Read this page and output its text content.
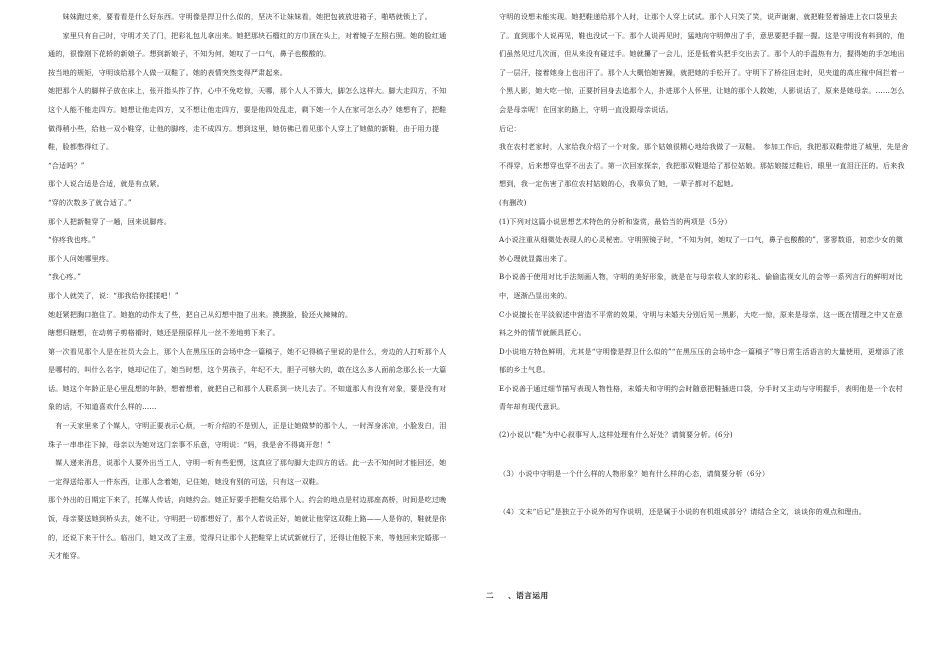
　　妹妹跑过来，要看看是什么好东西。守明像是捍卫什么似的，坚决不让妹妹看，她把包被放进箱子，啪嗒就锁上了。

　　家里只有自己时，守明才关了门，把彩礼包儿拿出来。她把那块石榴红的方巾顶在头上，对着镜子左照右照。她的脸红通通的，很像刚下花轿的新娘子。想到新娘子，不知为何，她叹了一口气，鼻子也酸酸的。

按当地的规矩，守明该给那个人做一双鞋了。她的表情突然变得严肃起来。

她把那个人的脚样子放在床上，张开指头拃了拃，心中不免吃惊，天哪，那个人人不算大，脚怎么这样大。脚大走四方，不知这个人能不能走四方。她想让他走四方，又不想让他走四方，要是他四处乱走，剩下她一个人在家可怎么办？她想有了，把鞋做得稍小些，给他一双小鞋穿，让他的脚疼，走不成四方。想到这里，她仿佛已看见那个人穿上了她做的新鞋，由于用力提鞋，脸都憋得红了。

“合适吗？”

那个人说合适是合适，就是有点紧。

“穿的次数多了就合适了。”

那个人把新鞋穿了一趟，回来说脚疼。

“你疼我也疼。”

那个人问她哪里疼。

“我心疼。”

那个人就笑了，说：“那我给你揉揉吧！”

她赶紧把胸口抱住了。她抱的动作太了些，把自己从幻想中抱了出来。摸摸脸，脸还火辣辣的。

瞎想归瞎想，在动剪子剪格褙时，她还是照原样儿一丝不差地剪下来了。

第一次看见那个人是在社员大会上，那个人在黑压压的会场中念一篇稿子，她不记得稿子里说的是什么，旁边的人打听那个人是哪村的，叫什么名字，她却记住了，她当时想，这个男孩子，年纪不大，胆子可够大的，敢在这么多人面前念那么长一大篇话。她这个年龄正是心里乱想的年龄，想着想着，就把自己和那个人联系到一块儿去了。不知道那人有没有对象，要是没有对象的话，不知道喜欢什么样的……

　有一天家里来了个媒人，守明正要表示心烦，一听介绍的不是别人，正是让她做梦的那个人，一时浑身冻凉，小脸发白，泪珠子一串串往下掉，母亲以为她对这门亲事不乐意，守明说：“妈，我是舍不得离开您！”

　媒人递来消息，说那个人要外出当工人，守明一听有些犯愣，这真应了那句脚大走四方的话。此一去不知何时才能回还，她一定得送给那人一件东西，让那人念着她，记住她，她没有别的可送，只有这一双鞋。

那个外出的日期定下来了，托媒人传话，向她约会。她正好要手把鞋交给那个人。约会的地点是村边那座高桥，时间是吃过晚饭，母亲要送她到桥头去，她不让。守明把一切都想好了，那个人若说正好，她就让他穿这双鞋上路——人是你的，鞋就是你的，还说下来干什么。临出门，她又改了主意，觉得只让那个人把鞋穿上试试新就行了，还得让他脱下来，等他回来完婚那一天才能穿。

守明的设想未能实现。她把鞋递给那个人时，让那个人穿上试试。那个人只笑了笑，说声谢谢，就把鞋竖着插进上衣口袋里去了。直到那个人说再见，鞋也没试一下。那个人说再见时，猛地向守明伸出了手，意思要把手握一握。这是守明没有料到的，他们虽然见过几次面，但从来没有碰过手。她就攥了一会儿，还是低着头把手交出去了。那个人的手温热有力，握得她的手怎地出了一层汗，接着她身上也出汗了。那个人大概怕她害躁，就把她的手松开了。守明下了桥往回走时，见夹道的高庄稼中间拦着一个黑人影，她大吃一惊，正要折回身去追那个人，扑进那个人怀里，让她的那个人救她，人影说话了，原来是她母亲。……怎么会是母亲呢！在回家的路上，守明一直没跟母亲说话。

后记：

我在农村老家时，人家给我介绍了一个对象。那个姑娘很精心地给我做了一双鞋。　参加工作后，我把那双鞋带进了城里，先是舍不得穿，后来想穿也穿不出去了。第一次回家探亲，我把那双鞋退给了那位姑娘。那姑娘接过鞋后，眼里一直泪汪汪的。后来我想到，我一定伤害了那位农村姑娘的心，我辜负了她，一辈子都对不起她。

(有删改)

(1)下列对这篇小说思想艺术特色的分析和鉴赏，最恰当的两项是（5分）

A小说注重从细微处表现人的心灵秘密。守明照镜子时，“不知为何，她叹了一口气，鼻子也酸酸的”，寥寥数语，初恋少女的微妙心理就显露出来了。

B小说善于使用对比手法刻画人物，守明的美好形象，就是在与母亲收人家的彩礼、偷偷监视女儿的会等一系列言行的鲜明对比中，逐渐凸显出来的。

C小说擅长在平淡叙述中营造不平常的效果，守明与未婚夫分别后见一黑影，大吃一惊，原来是母亲，这一既在情理之中又在意料之外的情节就颇具匠心。

D小说地方特色鲜明，尤其是“守明像是捍卫什么似的”“在黑压压的会场中念一篇稿子”等日常生活语言的大量使用，更增添了浓郁的乡土气息。

E小说善于通过细节描写表现人物性格，未婚夫和守明约会时随意把鞋插进口袋，分手时又主动与守明握手，表明他是一个农村青年却有现代意识。

(2)小说以“鞋”为中心叙事写人,这样处理有什么好处？请简要分析。(6分)

（3）小说中守明是一个什么样的人物形象？她有什么样的心态，请简要分析（6分）

（4）文末“后记”是独立于小说外的写作说明，还是属于小说的有机组成部分？请结合全文，谈谈你的观点和理由。

二 、语言运用
